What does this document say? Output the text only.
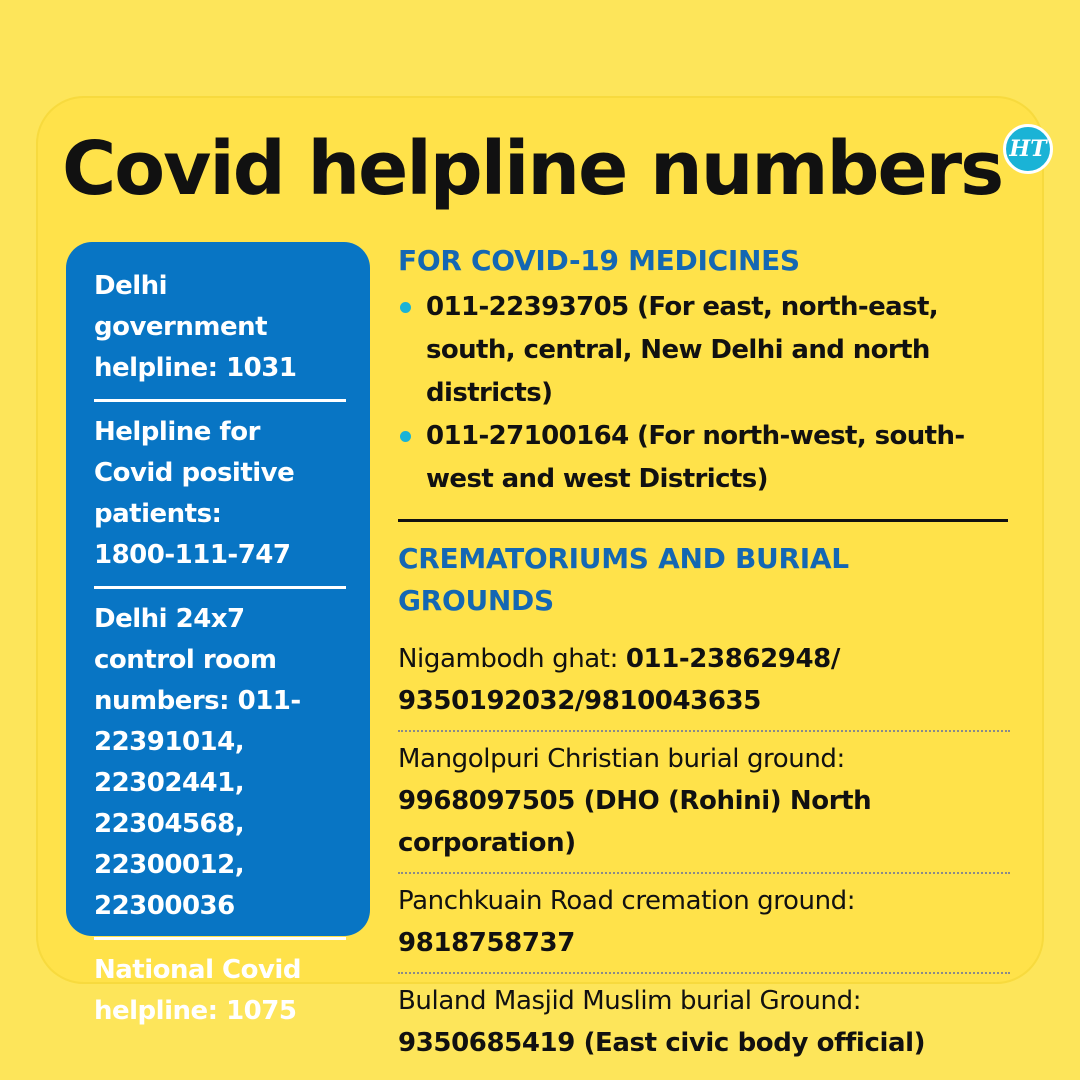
Covid helpline numbers HT
Delhi government helpline: 1031
Helpline for Covid positive patients: 1800-111-747
Delhi 24x7 control room numbers: 011-22391014, 22302441, 22304568, 22300012, 22300036
National Covid helpline: 1075
FOR COVID-19 MEDICINES
011-22393705 (For east, north-east, south, central, New Delhi and north districts)
011-27100164 (For north-west, south-west and west Districts)
CREMATORIUMS AND BURIAL GROUNDS
Nigambodh ghat: 011-23862948/ 9350192032/9810043635
Mangolpuri Christian burial ground: 9968097505 (DHO (Rohini) North corporation)
Panchkuain Road cremation ground: 9818758737
Buland Masjid Muslim burial Ground: 9350685419 (East civic body official)
